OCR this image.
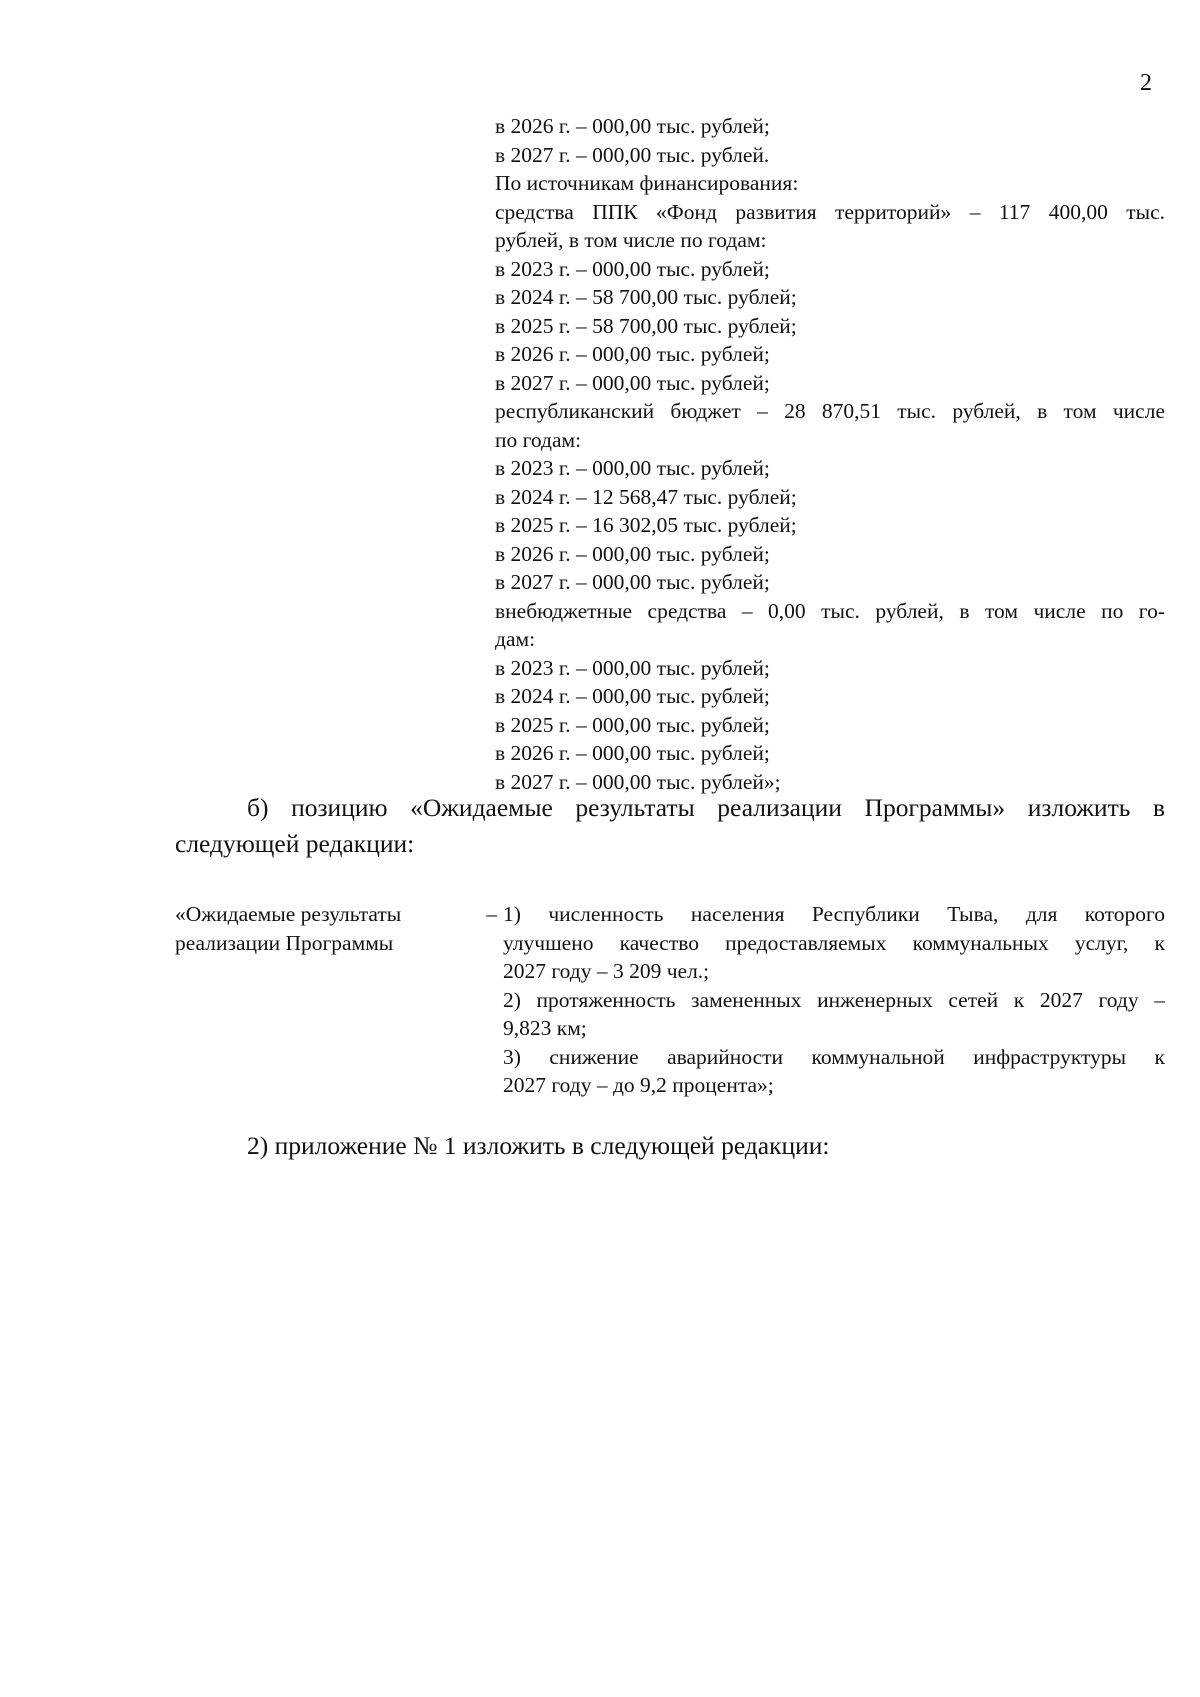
2
в 2026 г. – 000,00 тыс. рублей;
в 2027 г. – 000,00 тыс. рублей.
По источникам финансирования:
средства ППК «Фонд развития территорий» – 117 400,00 тыс.
рублей, в том числе по годам:
в 2023 г. – 000,00 тыс. рублей;
в 2024 г. – 58 700,00 тыс. рублей;
в 2025 г. – 58 700,00 тыс. рублей;
в 2026 г. – 000,00 тыс. рублей;
в 2027 г. – 000,00 тыс. рублей;
республиканский бюджет – 28 870,51 тыс. рублей, в том числе
по годам:
в 2023 г. – 000,00 тыс. рублей;
в 2024 г. – 12 568,47 тыс. рублей;
в 2025 г. – 16 302,05 тыс. рублей;
в 2026 г. – 000,00 тыс. рублей;
в 2027 г. – 000,00 тыс. рублей;
внебюджетные средства – 0,00 тыс. рублей, в том числе по го-
дам:
в 2023 г. – 000,00 тыс. рублей;
в 2024 г. – 000,00 тыс. рублей;
в 2025 г. – 000,00 тыс. рублей;
в 2026 г. – 000,00 тыс. рублей;
в 2027 г. – 000,00 тыс. рублей»;
б) позицию «Ожидаемые результаты реализации Программы» изложить в
следующей редакции:
«Ожидаемые результаты
реализации Программы
– 1) численность населения Республики Тыва, для которого
улучшено качество предоставляемых коммунальных услуг, к
2027 году – 3 209 чел.;
2) протяженность замененных инженерных сетей к 2027 году –
9,823 км;
3) снижение аварийности коммунальной инфраструктуры к
2027 году – до 9,2 процента»;
2) приложение № 1 изложить в следующей редакции:
